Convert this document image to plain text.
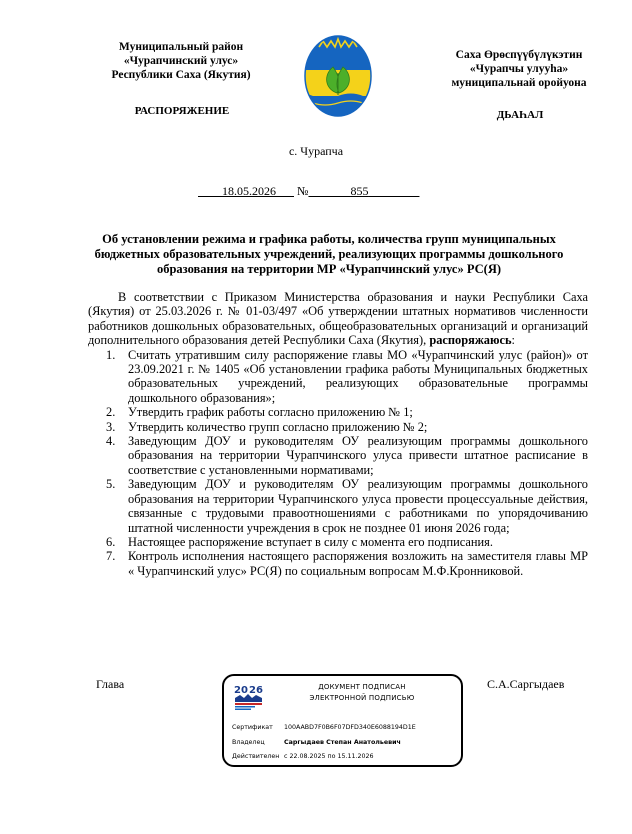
Муниципальный район
«Чурапчинский улус»
Республики Саха (Якутия)
РАСПОРЯЖЕНИЕ
Саха Өрөспүүбүлүкэтин
«Чурапчы улууһа»
муниципальнай оройуона
ДЬАҺАЛ
с. Чурапча
18.05.2026 №	855
Об установлении режима и графика работы, количества групп муниципальных бюджетных образовательных учреждений, реализующих программы дошкольного образования на территории МР «Чурапчинский улус» РС(Я)

В соответствии с Приказом Министерства образования и науки Республики Саха (Якутия) от 25.03.2026 г. № 01-03/497 «Об утверждении штатных нормативов численности работников дошкольных образовательных, общеобразовательных организаций и организаций дополнительного образования детей Республики Саха (Якутия), распоряжаюсь:

1. Считать утратившим силу распоряжение главы МО «Чурапчинский улус (район)» от 23.09.2021 г. № 1405 «Об установлении графика работы Муниципальных бюджетных образовательных учреждений, реализующих образовательные программы дошкольного образования»;
2. Утвердить график работы согласно приложению № 1;
3. Утвердить количество групп согласно приложению № 2;
4. Заведующим ДОУ и руководителям ОУ реализующим программы дошкольного образования на территории Чурапчинского улуса привести штатное расписание в соответствие с установленными нормативами;
5. Заведующим ДОУ и руководителям ОУ реализующим программы дошкольного образования на территории Чурапчинского улуса провести процессуальные действия, связанные с трудовыми правоотношениями с работниками по упорядочиванию штатной численности учреждения в срок не позднее 01 июня 2026 года;
6. Настоящее распоряжение вступает в силу с момента его подписания.
7. Контроль исполнения настоящего распоряжения возложить на заместителя главы МР « Чурапчинский улус» РС(Я) по социальным вопросам М.Ф.Кронниковой.
Глава	С.А.Саргыдаев
20 26	ДОКУМЕНТ ПОДПИСАН
ЭЛЕКТРОННОЙ ПОДПИСЬЮ
Сертификат 100AABD7F0B6F07DFD340E6088194D1E
Владелец	Саргыдаев Степан Анатольевич
Действителен с 22.08.2025 по 15.11.2026
